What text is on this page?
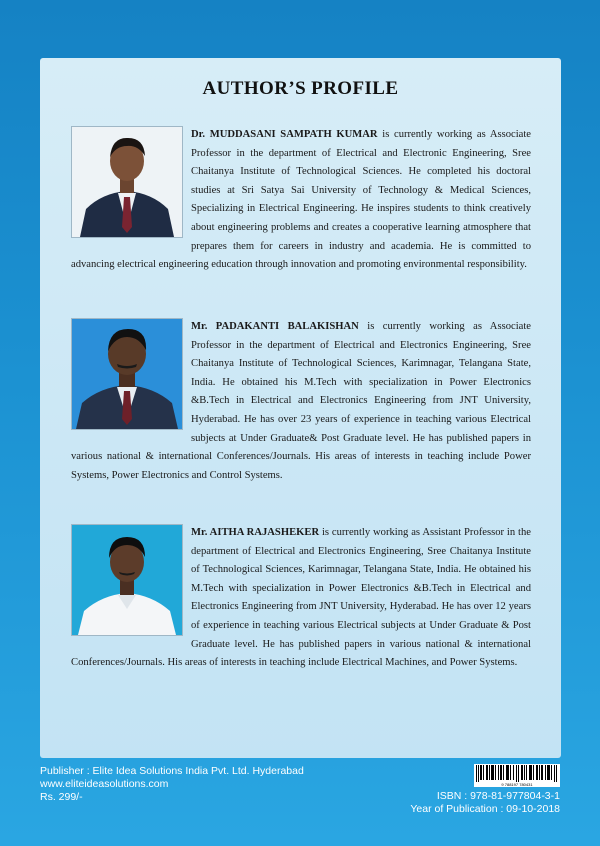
AUTHOR’S PROFILE
Dr. MUDDASANI SAMPATH KUMAR is currently working as Associate Professor in the department of Electrical and Electronic Engineering, Sree Chaitanya Institute of Technological Sciences. He completed his doctoral studies at Sri Satya Sai University of Technology & Medical Sciences, Specializing in Electrical Engineering. He inspires students to think creatively about engineering problems and creates a cooperative learning atmosphere that prepares them for careers in industry and academia. He is committed to advancing electrical engineering education through innovation and promoting environmental responsibility.
Mr. PADAKANTI BALAKISHAN is currently working as Associate Professor in the department of Electrical and Electronics Engineering, Sree Chaitanya Institute of Technological Sciences, Karimnagar, Telangana State, India. He obtained his M.Tech with specialization in Power Electronics &B.Tech in Electrical and Electronics Engineering from JNT University, Hyderabad. He has over 23 years of experience in teaching various Electrical subjects at Under Graduate& Post Graduate level. He has published papers in various national & international Conferences/Journals. His areas of interests in teaching include Power Systems, Power Electronics and Control Systems.
Mr. AITHA RAJASHEKER is currently working as Assistant Professor in the department of Electrical and Electronics Engineering, Sree Chaitanya Institute of Technological Sciences, Karimnagar, Telangana State, India. He obtained his M.Tech with specialization in Power Electronics &B.Tech in Electrical and Electronics Engineering from JNT University, Hyderabad. He has over 12 years of experience in teaching various Electrical subjects at Under Graduate & Post Graduate level. He has published papers in various national & international Conferences/Journals. His areas of interests in teaching include Electrical Machines, and Power Systems.
Publisher : Elite Idea Solutions India Pvt. Ltd. Hyderabad
www.eliteideasolutions.com
Rs. 299/-
9 788197 780431
ISBN : 978-81-977804-3-1
Year of Publication : 09-10-2018
